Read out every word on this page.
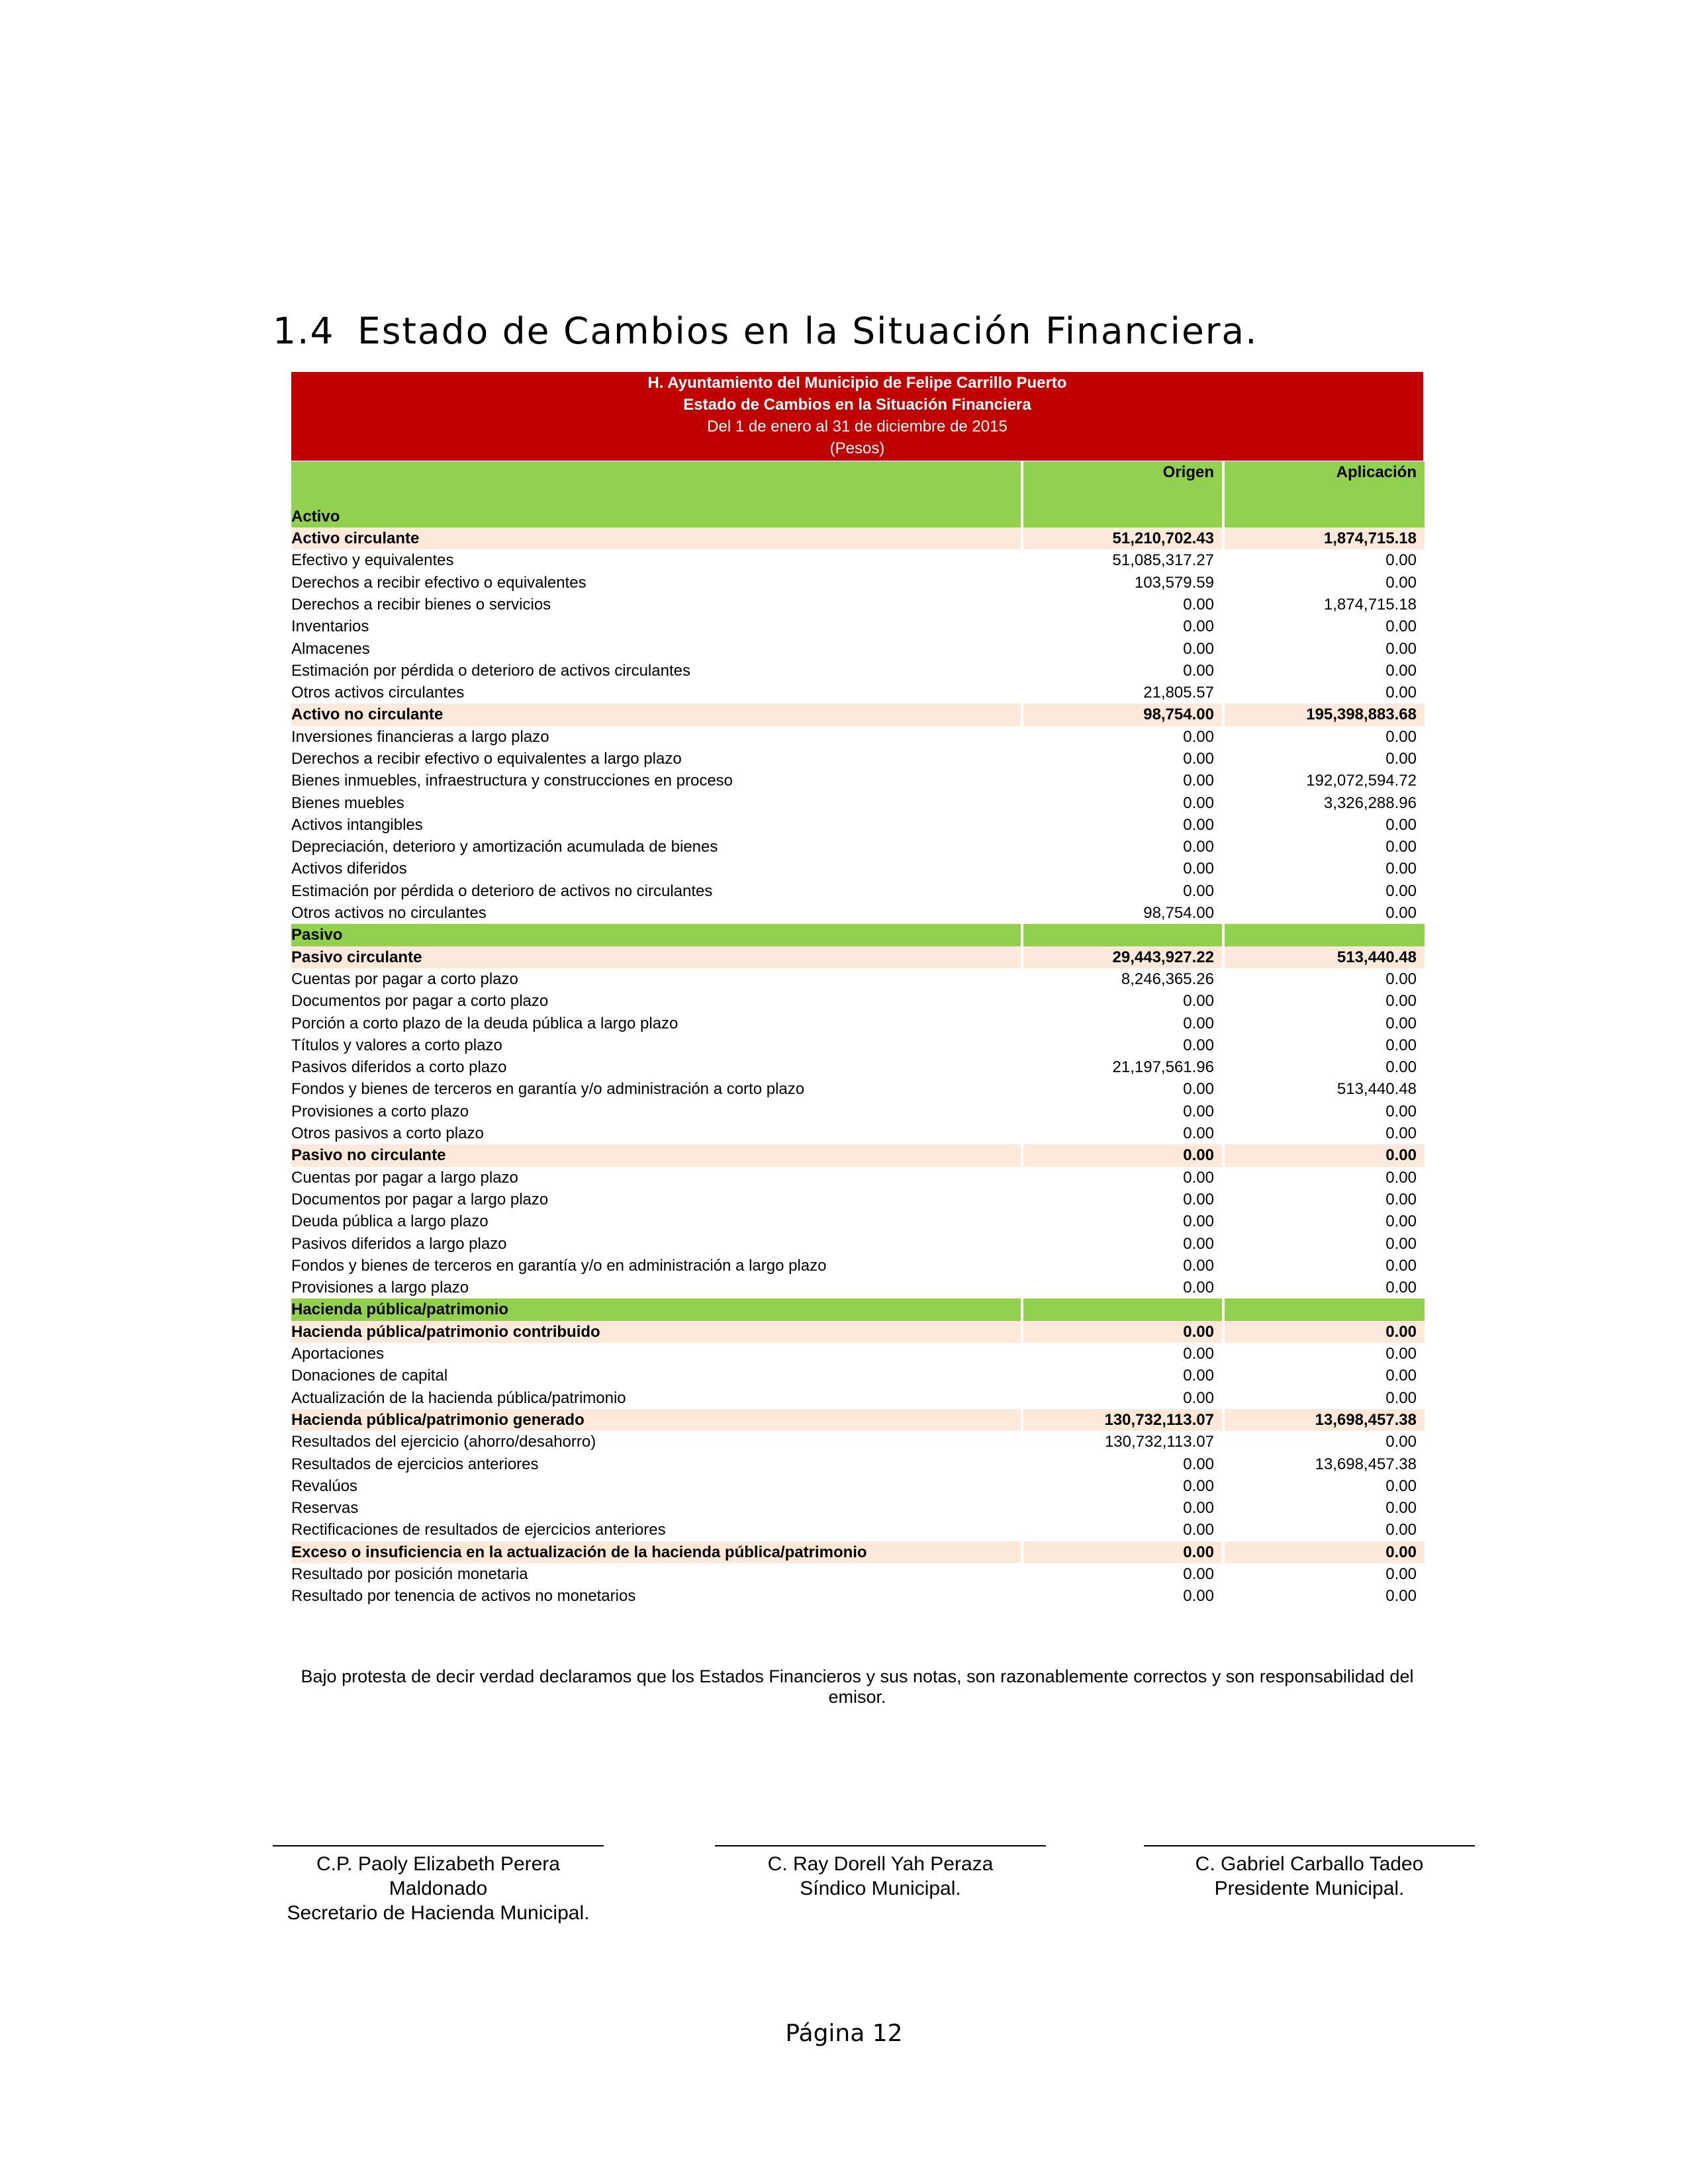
1.4 Estado de Cambios en la Situación Financiera.
H. Ayuntamiento del Municipio de Felipe Carrillo Puerto
Estado de Cambios en la Situación Financiera
Del 1 de enero al 31 de diciembre de 2015
(Pesos)
	Origen	Aplicación

Activo		
Activo circulante	51,210,702.43	1,874,715.18
Efectivo y equivalentes	51,085,317.27	0.00
Derechos a recibir efectivo o equivalentes	103,579.59	0.00
Derechos a recibir bienes o servicios	0.00	1,874,715.18
Inventarios	0.00	0.00
Almacenes	0.00	0.00
Estimación por pérdida o deterioro de activos circulantes	0.00	0.00
Otros activos circulantes	21,805.57	0.00
Activo no circulante	98,754.00	195,398,883.68
Inversiones financieras a largo plazo	0.00	0.00
Derechos a recibir efectivo o equivalentes a largo plazo	0.00	0.00
Bienes inmuebles, infraestructura y construcciones en proceso	0.00	192,072,594.72
Bienes muebles	0.00	3,326,288.96
Activos intangibles	0.00	0.00
Depreciación, deterioro y amortización acumulada de bienes	0.00	0.00
Activos diferidos	0.00	0.00
Estimación por pérdida o deterioro de activos no circulantes	0.00	0.00
Otros activos no circulantes	98,754.00	0.00
Pasivo		
Pasivo circulante	29,443,927.22	513,440.48
Cuentas por pagar a corto plazo	8,246,365.26	0.00
Documentos por pagar a corto plazo	0.00	0.00
Porción a corto plazo de la deuda pública a largo plazo	0.00	0.00
Títulos y valores a corto plazo	0.00	0.00
Pasivos diferidos a corto plazo	21,197,561.96	0.00
Fondos y bienes de terceros en garantía y/o administración a corto plazo	0.00	513,440.48
Provisiones a corto plazo	0.00	0.00
Otros pasivos a corto plazo	0.00	0.00
Pasivo no circulante	0.00	0.00
Cuentas por pagar a largo plazo	0.00	0.00
Documentos por pagar a largo plazo	0.00	0.00
Deuda pública a largo plazo	0.00	0.00
Pasivos diferidos a largo plazo	0.00	0.00
Fondos y bienes de terceros en garantía y/o en administración a largo plazo	0.00	0.00
Provisiones a largo plazo	0.00	0.00
Hacienda pública/patrimonio		
Hacienda pública/patrimonio contribuido	0.00	0.00
Aportaciones	0.00	0.00
Donaciones de capital	0.00	0.00
Actualización de la hacienda pública/patrimonio	0.00	0.00
Hacienda pública/patrimonio generado	130,732,113.07	13,698,457.38
Resultados del ejercicio (ahorro/desahorro)	130,732,113.07	0.00
Resultados de ejercicios anteriores	0.00	13,698,457.38
Revalúos	0.00	0.00
Reservas	0.00	0.00
Rectificaciones de resultados de ejercicios anteriores	0.00	0.00
Exceso o insuficiencia en la actualización de la hacienda pública/patrimonio	0.00	0.00
Resultado por posición monetaria	0.00	0.00
Resultado por tenencia de activos no monetarios	0.00	0.00
Bajo protesta de decir verdad declaramos que los Estados Financieros y sus notas, son razonablemente correctos y son responsabilidad del emisor.
C.P. Paoly Elizabeth Perera Maldonado
Secretario de Hacienda Municipal.
C. Ray Dorell Yah Peraza
Síndico Municipal.
C. Gabriel Carballo Tadeo
Presidente Municipal.
Página 12
